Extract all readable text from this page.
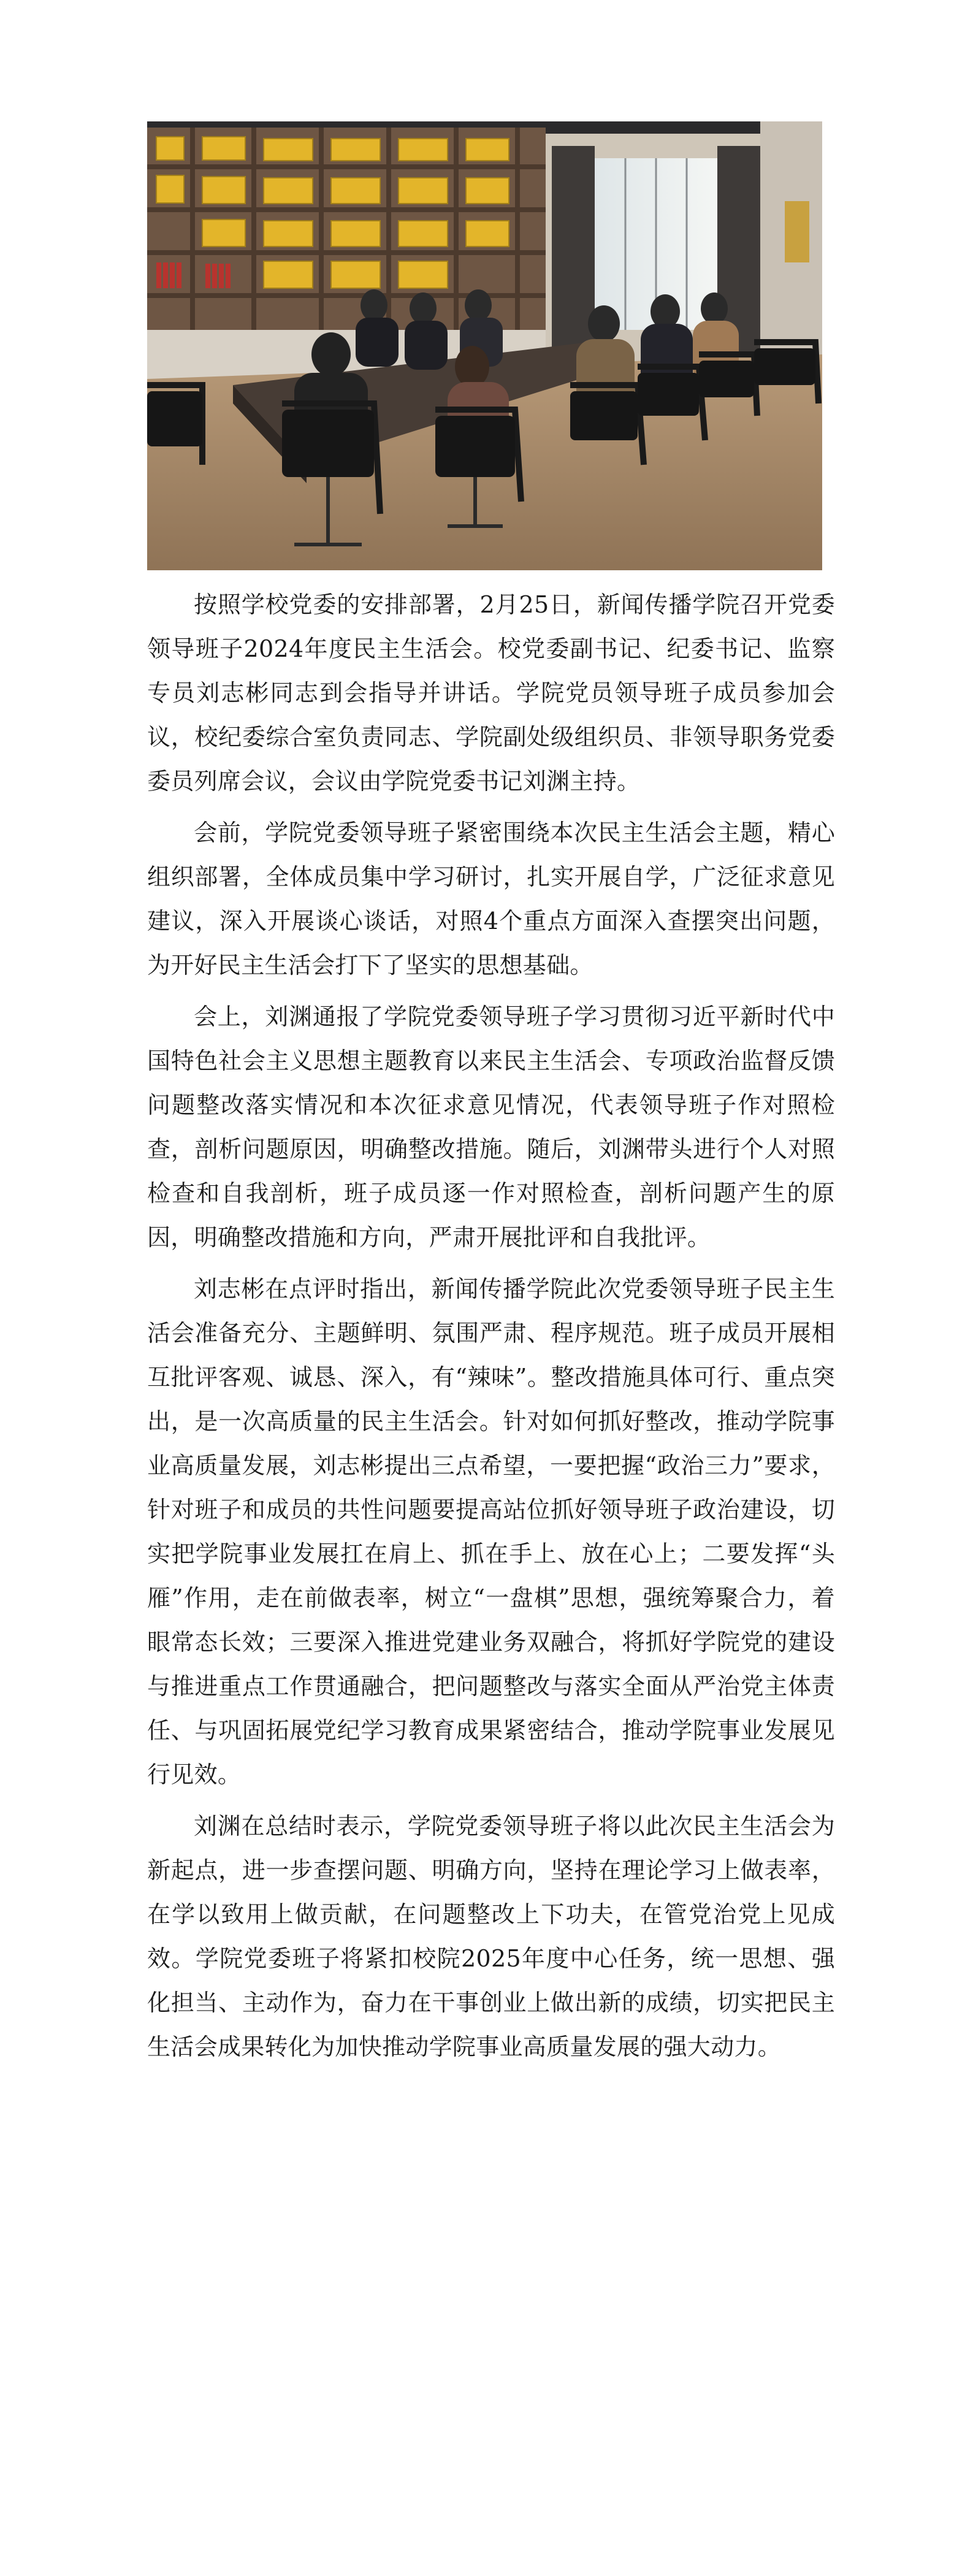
按照学校党委的安排部署，2月25日，新闻传播学院召开党委领导班子2024年度民主生活会。校党委副书记、纪委书记、监察专员刘志彬同志到会指导并讲话。学院党员领导班子成员参加会议，校纪委综合室负责同志、学院副处级组织员、非领导职务党委委员列席会议，会议由学院党委书记刘渊主持。

会前，学院党委领导班子紧密围绕本次民主生活会主题，精心组织部署，全体成员集中学习研讨，扎实开展自学，广泛征求意见建议，深入开展谈心谈话，对照4个重点方面深入查摆突出问题，为开好民主生活会打下了坚实的思想基础。

会上，刘渊通报了学院党委领导班子学习贯彻习近平新时代中国特色社会主义思想主题教育以来民主生活会、专项政治监督反馈问题整改落实情况和本次征求意见情况，代表领导班子作对照检查，剖析问题原因，明确整改措施。随后，刘渊带头进行个人对照检查和自我剖析，班子成员逐一作对照检查，剖析问题产生的原因，明确整改措施和方向，严肃开展批评和自我批评。

刘志彬在点评时指出，新闻传播学院此次党委领导班子民主生活会准备充分、主题鲜明、氛围严肃、程序规范。班子成员开展相互批评客观、诚恳、深入，有“辣味”。整改措施具体可行、重点突出，是一次高质量的民主生活会。针对如何抓好整改，推动学院事业高质量发展，刘志彬提出三点希望，一要把握“政治三力”要求，针对班子和成员的共性问题要提高站位抓好领导班子政治建设，切实把学院事业发展扛在肩上、抓在手上、放在心上；二要发挥“头雁”作用，走在前做表率，树立“一盘棋”思想，强统筹聚合力，着眼常态长效；三要深入推进党建业务双融合，将抓好学院党的建设与推进重点工作贯通融合，把问题整改与落实全面从严治党主体责任、与巩固拓展党纪学习教育成果紧密结合，推动学院事业发展见行见效。

刘渊在总结时表示，学院党委领导班子将以此次民主生活会为新起点，进一步查摆问题、明确方向，坚持在理论学习上做表率，在学以致用上做贡献，在问题整改上下功夫，在管党治党上见成效。学院党委班子将紧扣校院2025年度中心任务，统一思想、强化担当、主动作为，奋力在干事创业上做出新的成绩，切实把民主生活会成果转化为加快推动学院事业高质量发展的强大动力。
